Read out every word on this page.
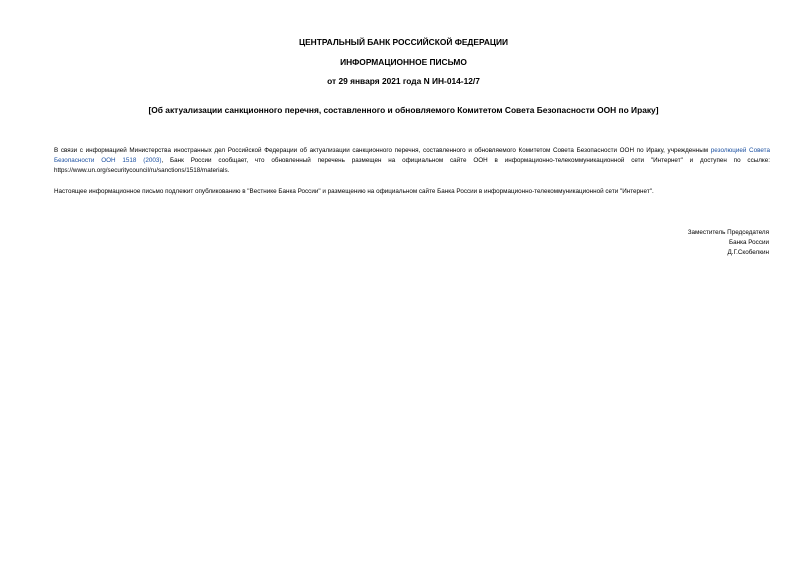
ЦЕНТРАЛЬНЫЙ БАНК РОССИЙСКОЙ ФЕДЕРАЦИИ
ИНФОРМАЦИОННОЕ ПИСЬМО
от 29 января 2021 года N ИН-014-12/7
[Об актуализации санкционного перечня, составленного и обновляемого Комитетом Совета Безопасности ООН по Ираку]
В связи с информацией Министерства иностранных дел Российской Федерации об актуализации санкционного перечня, составленного и обновляемого Комитетом Совета Безопасности ООН по Ираку, учрежденным резолюцией Совета Безопасности ООН 1518 (2003), Банк России сообщает, что обновленный перечень размещен на официальном сайте ООН в информационно-телекоммуникационной сети "Интернет" и доступен по ссылке: https://www.un.org/securitycouncil/ru/sanctions/1518/materials.
Настоящее информационное письмо подлежит опубликованию в "Вестнике Банка России" и размещению на официальном сайте Банка России в информационно-телекоммуникационной сети "Интернет".
Заместитель Председателя
Банка России
Д.Г.Скобелкин
